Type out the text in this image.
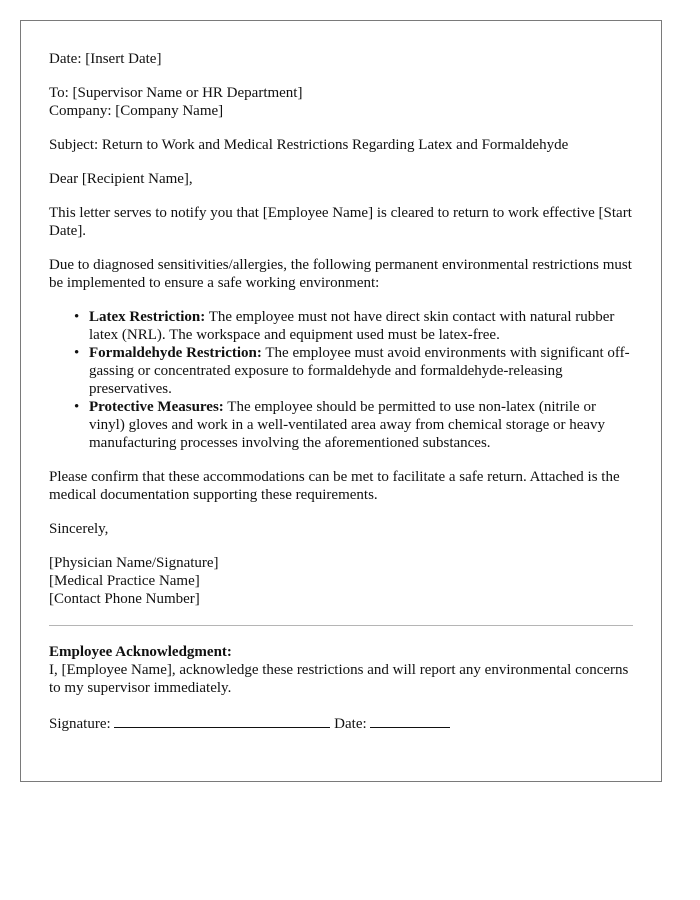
Date: [Insert Date]

To: [Supervisor Name or HR Department]
Company: [Company Name]

Subject: Return to Work and Medical Restrictions Regarding Latex and Formaldehyde

Dear [Recipient Name],

This letter serves to notify you that [Employee Name] is cleared to return to work effective [Start Date].

Due to diagnosed sensitivities/allergies, the following permanent environmental restrictions must be implemented to ensure a safe working environment:

• Latex Restriction: The employee must not have direct skin contact with natural rubber latex (NRL). The workspace and equipment used must be latex-free.
• Formaldehyde Restriction: The employee must avoid environments with significant off-gassing or concentrated exposure to formaldehyde and formaldehyde-releasing preservatives.
• Protective Measures: The employee should be permitted to use non-latex (nitrile or vinyl) gloves and work in a well-ventilated area away from chemical storage or heavy manufacturing processes involving the aforementioned substances.

Please confirm that these accommodations can be met to facilitate a safe return. Attached is the medical documentation supporting these requirements.

Sincerely,

[Physician Name/Signature]
[Medical Practice Name]
[Contact Phone Number]
Employee Acknowledgment:
I, [Employee Name], acknowledge these restrictions and will report any environmental concerns to my supervisor immediately.
Signature:	Date:
